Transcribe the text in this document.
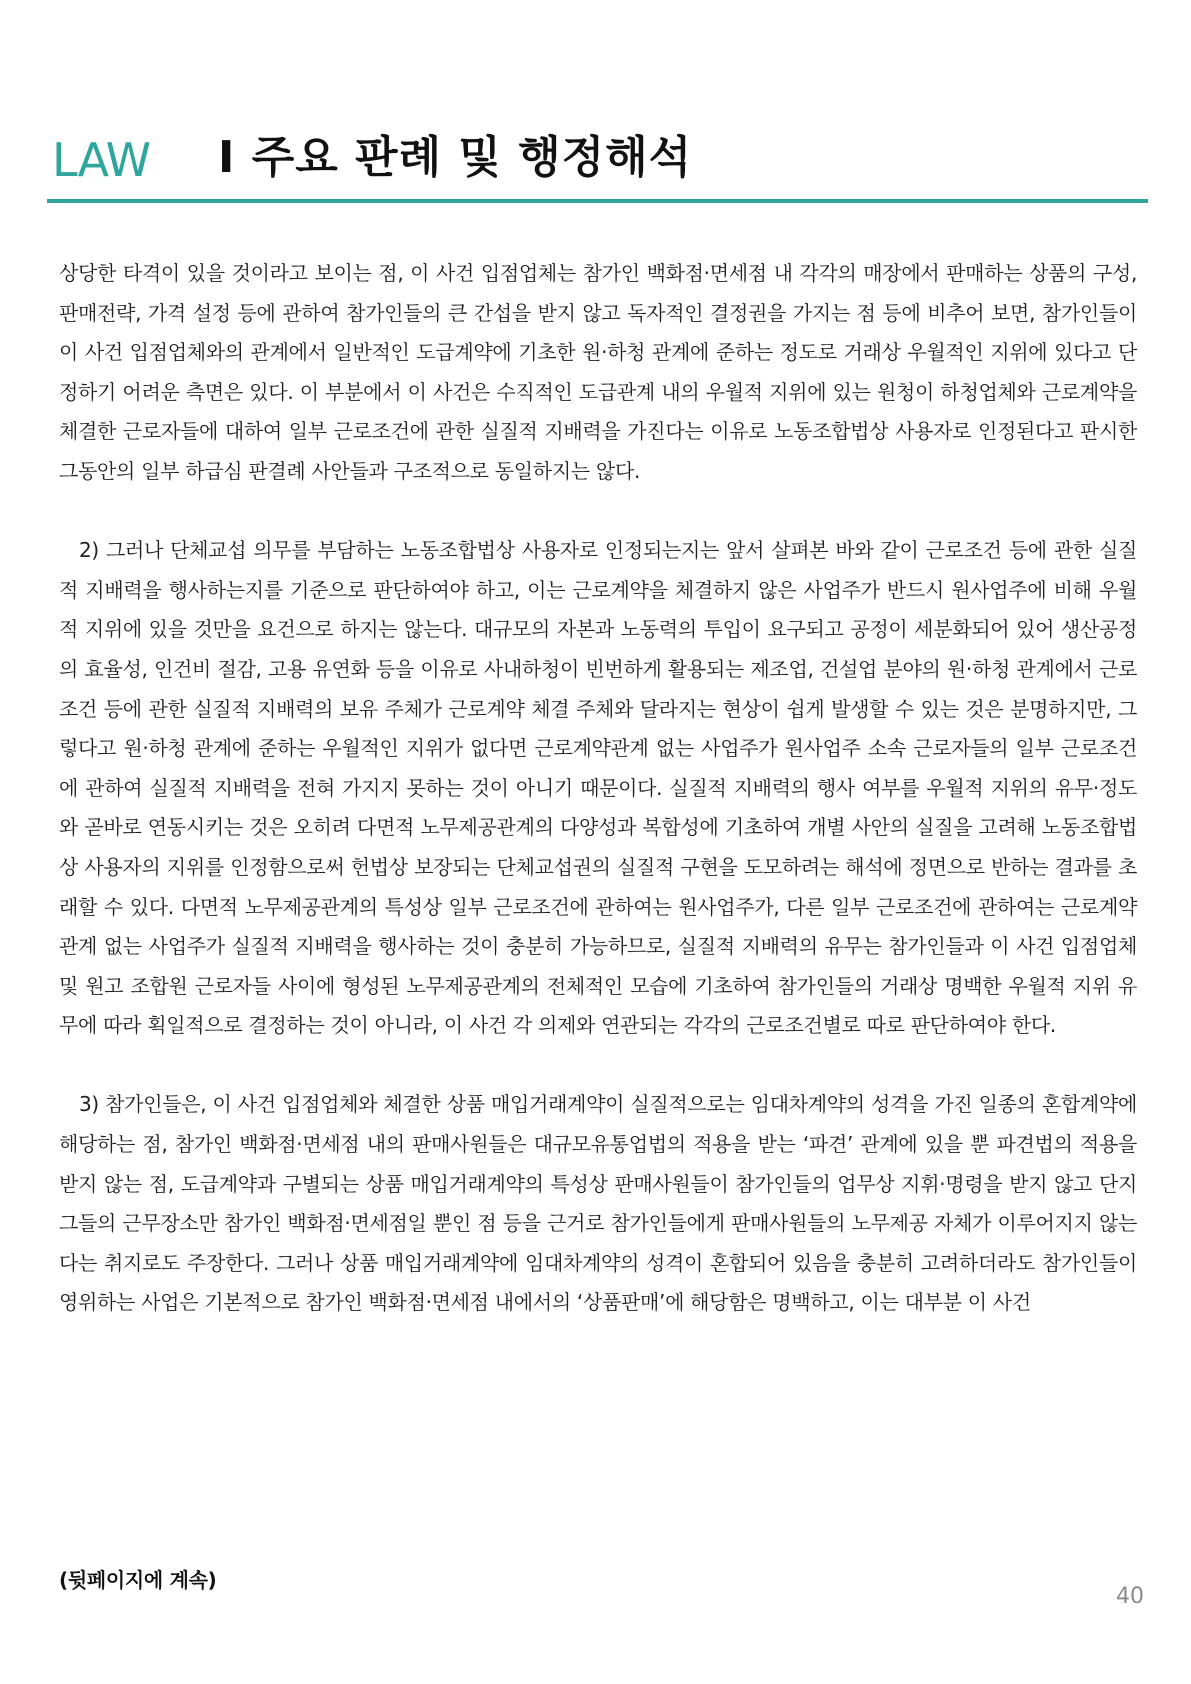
LAW Ⅰ 주요 판례 및 행정해석

상당한 타격이 있을 것이라고 보이는 점, 이 사건 입점업체는 참가인 백화점·면세점 내 각각의 매장에서 판매하는 상품의 구성, 판매전략, 가격 설정 등에 관하여 참가인들의 큰 간섭을 받지 않고 독자적인 결정권을 가지는 점 등에 비추어 보면, 참가인들이 이 사건 입점업체와의 관계에서 일반적인 도급계약에 기초한 원·하청 관계에 준하는 정도로 거래상 우월적인 지위에 있다고 단정하기 어려운 측면은 있다. 이 부분에서 이 사건은 수직적인 도급관계 내의 우월적 지위에 있는 원청이 하청업체와 근로계약을 체결한 근로자들에 대하여 일부 근로조건에 관한 실질적 지배력을 가진다는 이유로 노동조합법상 사용자로 인정된다고 판시한 그동안의 일부 하급심 판결례 사안들과 구조적으로 동일하지는 않다.

2) 그러나 단체교섭 의무를 부담하는 노동조합법상 사용자로 인정되는지는 앞서 살펴본 바와 같이 근로조건 등에 관한 실질적 지배력을 행사하는지를 기준으로 판단하여야 하고, 이는 근로계약을 체결하지 않은 사업주가 반드시 원사업주에 비해 우월적 지위에 있을 것만을 요건으로 하지는 않는다. 대규모의 자본과 노동력의 투입이 요구되고 공정이 세분화되어 있어 생산공정의 효율성, 인건비 절감, 고용 유연화 등을 이유로 사내하청이 빈번하게 활용되는 제조업, 건설업 분야의 원·하청 관계에서 근로조건 등에 관한 실질적 지배력의 보유 주체가 근로계약 체결 주체와 달라지는 현상이 쉽게 발생할 수 있는 것은 분명하지만, 그렇다고 원·하청 관계에 준하는 우월적인 지위가 없다면 근로계약관계 없는 사업주가 원사업주 소속 근로자들의 일부 근로조건에 관하여 실질적 지배력을 전혀 가지지 못하는 것이 아니기 때문이다. 실질적 지배력의 행사 여부를 우월적 지위의 유무·정도와 곧바로 연동시키는 것은 오히려 다면적 노무제공관계의 다양성과 복합성에 기초하여 개별 사안의 실질을 고려해 노동조합법상 사용자의 지위를 인정함으로써 헌법상 보장되는 단체교섭권의 실질적 구현을 도모하려는 해석에 정면으로 반하는 결과를 초래할 수 있다. 다면적 노무제공관계의 특성상 일부 근로조건에 관하여는 원사업주가, 다른 일부 근로조건에 관하여는 근로계약관계 없는 사업주가 실질적 지배력을 행사하는 것이 충분히 가능하므로, 실질적 지배력의 유무는 참가인들과 이 사건 입점업체 및 원고 조합원 근로자들 사이에 형성된 노무제공관계의 전체적인 모습에 기초하여 참가인들의 거래상 명백한 우월적 지위 유무에 따라 획일적으로 결정하는 것이 아니라, 이 사건 각 의제와 연관되는 각각의 근로조건별로 따로 판단하여야 한다.

3) 참가인들은, 이 사건 입점업체와 체결한 상품 매입거래계약이 실질적으로는 임대차계약의 성격을 가진 일종의 혼합계약에 해당하는 점, 참가인 백화점·면세점 내의 판매사원들은 대규모유통업법의 적용을 받는 ‘파견’ 관계에 있을 뿐 파견법의 적용을 받지 않는 점, 도급계약과 구별되는 상품 매입거래계약의 특성상 판매사원들이 참가인들의 업무상 지휘·명령을 받지 않고 단지 그들의 근무장소만 참가인 백화점·면세점일 뿐인 점 등을 근거로 참가인들에게 판매사원들의 노무제공 자체가 이루어지지 않는다는 취지로도 주장한다. 그러나 상품 매입거래계약에 임대차계약의 성격이 혼합되어 있음을 충분히 고려하더라도 참가인들이 영위하는 사업은 기본적으로 참가인 백화점·면세점 내에서의 ‘상품판매’에 해당함은 명백하고, 이는 대부분 이 사건

(뒷페이지에 계속)
40
